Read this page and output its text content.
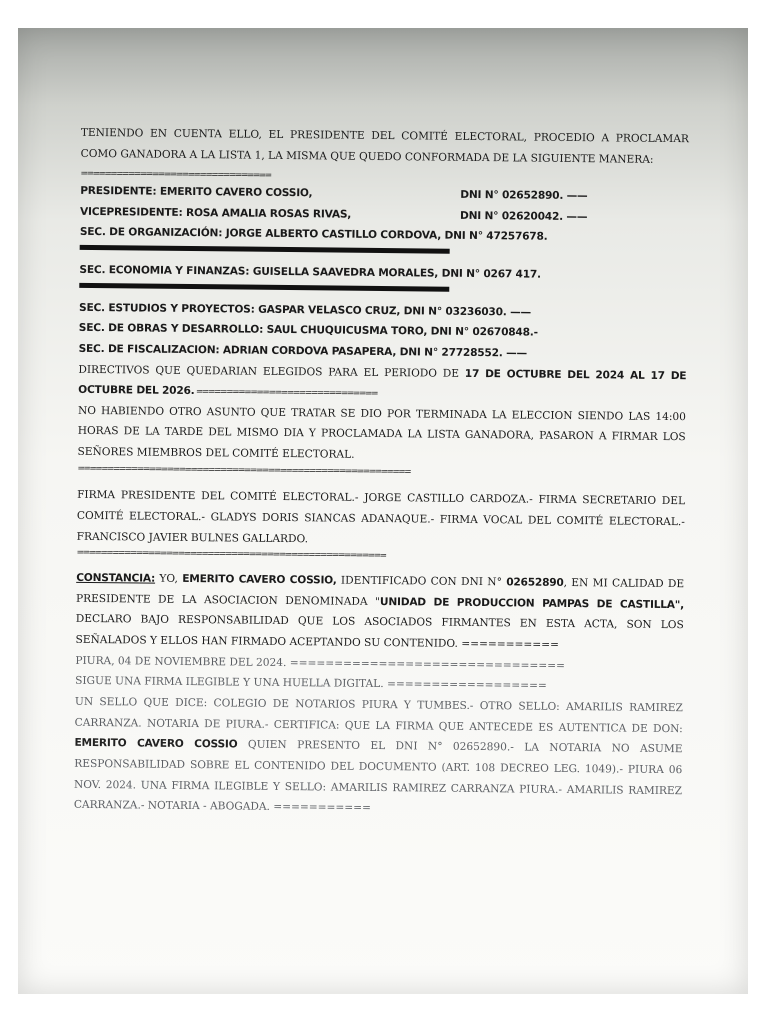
TENIENDO EN CUENTA ELLO, EL PRESIDENTE DEL COMITÉ ELECTORAL, PROCEDIO A PROCLAMAR COMO GANADORA A LA LISTA 1, LA MISMA QUE QUEDO CONFORMADA DE LA SIGUIENTE MANERA:

================================
PRESIDENTE: EMERITO CAVERO COSSIO,	DNI N° 02652890. ——
VICEPRESIDENTE: ROSA AMALIA ROSAS RIVAS,	DNI N° 02620042. ——

SEC. DE ORGANIZACIÓN: JORGE ALBERTO CASTILLO CORDOVA, DNI N° 47257678.

SEC. ECONOMIA Y FINANZAS: GUISELLA SAAVEDRA MORALES, DNI N° 0267 417.

SEC. ESTUDIOS Y PROYECTOS: GASPAR VELASCO CRUZ, DNI N° 03236030. ——
SEC. DE OBRAS Y DESARROLLO: SAUL CHUQUICUSMA TORO, DNI N° 02670848.-
SEC. DE FISCALIZACION: ADRIAN CORDOVA PASAPERA, DNI N° 27728552. ——

DIRECTIVOS QUE QUEDARIAN ELEGIDOS PARA EL PERIODO DE 17 DE OCTUBRE DEL 2024 AL 17 DE OCTUBRE DEL 2026. ==============================

NO HABIENDO OTRO ASUNTO QUE TRATAR SE DIO POR TERMINADA LA ELECCION SIENDO LAS 14:00 HORAS DE LA TARDE DEL MISMO DIA Y PROCLAMADA LA LISTA GANADORA, PASARON A FIRMAR LOS SEÑORES MIEMBROS DEL COMITÉ ELECTORAL.

========================================================

FIRMA PRESIDENTE DEL COMITÉ ELECTORAL.- JORGE CASTILLO CARDOZA.- FIRMA SECRETARIO DEL COMITÉ ELECTORAL.- GLADYS DORIS SIANCAS ADANAQUE.- FIRMA VOCAL DEL COMITÉ ELECTORAL.- FRANCISCO JAVIER BULNES GALLARDO.

====================================================

CONSTANCIA: YO, EMERITO CAVERO COSSIO, IDENTIFICADO CON DNI N° 02652890, EN MI CALIDAD DE PRESIDENTE DE LA ASOCIACION DENOMINADA "UNIDAD DE PRODUCCION PAMPAS DE CASTILLA", DECLARO BAJO RESPONSABILIDAD QUE LOS ASOCIADOS FIRMANTES EN ESTA ACTA, SON LOS SEÑALADOS Y ELLOS HAN FIRMADO ACEPTANDO SU CONTENIDO. ===========

PIURA, 04 DE NOVIEMBRE DEL 2024. ===============================
SIGUE UNA FIRMA ILEGIBLE Y UNA HUELLA DIGITAL. ==================

UN SELLO QUE DICE: COLEGIO DE NOTARIOS PIURA Y TUMBES.- OTRO SELLO: AMARILIS RAMIREZ CARRANZA. NOTARIA DE PIURA.- CERTIFICA: QUE LA FIRMA QUE ANTECEDE ES AUTENTICA DE DON: EMERITO CAVERO COSSIO QUIEN PRESENTO EL DNI N° 02652890.- LA NOTARIA NO ASUME RESPONSABILIDAD SOBRE EL CONTENIDO DEL DOCUMENTO (ART. 108 DECREO LEG. 1049).- PIURA 06 NOV. 2024. UNA FIRMA ILEGIBLE Y SELLO: AMARILIS RAMIREZ CARRANZA PIURA.- AMARILIS RAMIREZ CARRANZA.- NOTARIA - ABOGADA. ===========
